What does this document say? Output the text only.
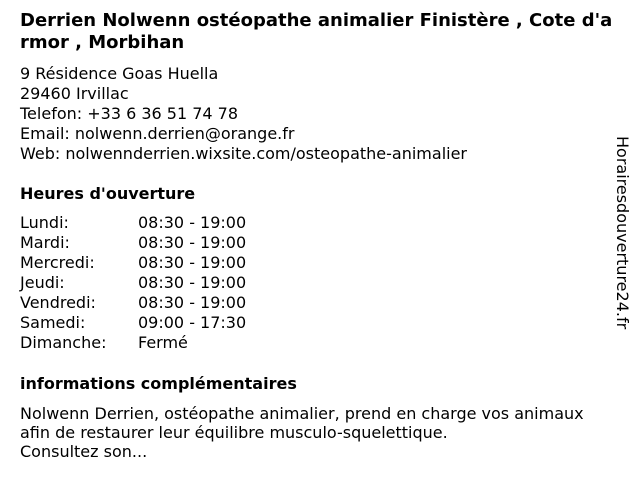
Derrien Nolwenn ostéopathe animalier Finistère , Cote d'armor , Morbihan
9 Résidence Goas Huella
29460 Irvillac
Telefon: +33 6 36 51 74 78
Email: nolwenn.derrien@orange.fr
Web: nolwennderrien.wixsite.com/osteopathe-animalier
Heures d'ouverture
Lundi:	08:30 - 19:00
Mardi:	08:30 - 19:00
Mercredi:	08:30 - 19:00
Jeudi:	08:30 - 19:00
Vendredi:	08:30 - 19:00
Samedi:	09:00 - 17:30
Dimanche:	Fermé
informations complémentaires
Nolwenn Derrien, ostéopathe animalier, prend en charge vos animaux
afin de restaurer leur équilibre musculo-squelettique.
Consultez son...
Horairesdouverture24.fr
